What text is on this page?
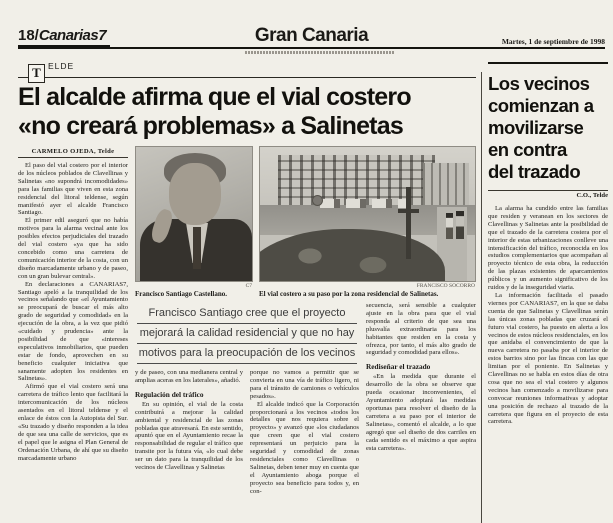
18/Canarias7	Gran Canaria	Martes, 1 de septiembre de 1998
T ELDE
El alcalde afirma que el vial costero
«no creará problemas» a Salinetas
CARMELO OJEDA, Telde

El paso del vial costero por el interior de los núcleos poblados de Clavellinas y Salinetas «no supondrá incomodidades» para las familias que viven en esta zona residencial del litoral teldense, según manifestó ayer el alcalde Francisco Santiago.

El primer edil aseguró que no había motivos para la alarma vecinal ante los posibles efectos perjudiciales del trazado del vial costero «ya que ha sido concebido como una carretera de comunicación interior de la costa, con un diseño marcadamente urbano y de paseo, con un gran bulevar central».

En declaraciones a CANARIAS7, Santiago apeló a la tranquilidad de los vecinos señalando que «el Ayuntamiento se preocupará de buscar el más alto grado de seguridad y comodidad» en la ejecución de la obra, a la vez que pidió «cuidado y prudencia» ante la posibilidad de que «intereses especulativos inmobiliarios, que pueden estar de fondo, aprovechen en su beneficio cualquier iniciativa que sanamente adopten los residentes en Salinetas».

Afirmó que el vial costero será una carretera de tráfico lento que facilitará la intercomunicación de los núcleos asentados en el litoral teldense y el enlace de éstos con la Autopista del Sur. «Su trazado y diseño responden a la idea de que sea una calle de servicios, que es el papel que le asigna el Plan General de Ordenación Urbana, de ahí que su diseño marcadamente urbano

C7
Francisco Santiago Castellano.
FRANCISCO SOCORRO
El vial costero a su paso por la zona residencial de Salinetas.
Francisco Santiago cree que el proyecto
mejorará la calidad residencial y que no hay
motivos para la preocupación de los vecinos

y de paseo, con una medianera central y amplias aceras en los laterales», añadió.

Regulación del tráfico

En su opinión, el vial de la costa contribuirá a mejorar la calidad ambiental y residencial de las zonas pobladas que atravesará. En este sentido, apuntó que en el Ayuntamiento recae la responsabilidad de regular el tráfico que transite por la futura vía, «lo cual debe ser un dato para la tranquilidad de los vecinos de Clavellinas y Salinetas

porque no vamos a permitir que se convierta en una vía de tráfico ligero, ni para el tránsito de camiones o vehículos pesados».

El alcalde indicó que la Corporación proporcionará a los vecinos «todos los detalles que nos requiera sobre el proyecto» y avanzó que «los ciudadanos que creen que el vial costero representará un perjuicio para la seguridad y comodidad de zonas residenciales como Clavellinas o Salinetas, deben tener muy en cuenta que el Ayuntamiento aboga porque el proyecto sea beneficio para todos y, en con-

secuencia, será sensible a cualquier ajuste en la obra para que el vial responda al criterio de que sea una plusvalía extraordinaria para los habitantes que residen en la costa y ofrezca, por tanto, el más alto grado de seguridad y comodidad para ellos».

Rediseñar el trazado

«En la medida que durante el desarrollo de la obra se observe que pueda ocasionar inconvenientes, el Ayuntamiento adoptará las medidas oportunas para resolver el diseño de la carretera a su paso por el interior de Salinetas», comentó el alcalde, a lo que agregó que «el diseño de dos carriles en cada sentido es el máximo a que aspira esta carretera».

Los vecinos
comienzan a
movilizarse
en contra
del trazado
C.O., Telde

La alarma ha cundido entre las familias que residen y veranean en los sectores de Clavellinas y Salinetas ante la posibilidad de que el trazado de la carretera costera por el interior de estas urbanizaciones conlleve una intensificación del tráfico, reconocida en los estudios complementarios que acompañan al proyecto técnico de esta obra, la reducción de las plazas existentes de aparcamientos públicos y un aumento significativo de los ruidos y de la inseguridad viaria.

La información facilitada el pasado viernes por CANARIAS7, en la que se daba cuenta de que Salinetas y Clavellinas serán las únicas zonas pobladas que cruzará el futuro vial costero, ha puesto en alerta a los vecinos de estos núcleos residenciales, en los que anidaba el convencimiento de que la nueva carretera no pasaba por el interior de estos barrios sino por las fincas con las que limitan por el poniente. En Salinetas y Clavellinas no se habla en estos días de otra cosa que no sea el vial costero y algunos vecinos han comenzado a movilizarse para convocar reuniones informativas y adoptar una posición de rechazo al trazado de la carretera que figura en el proyecto de esta carretera.
